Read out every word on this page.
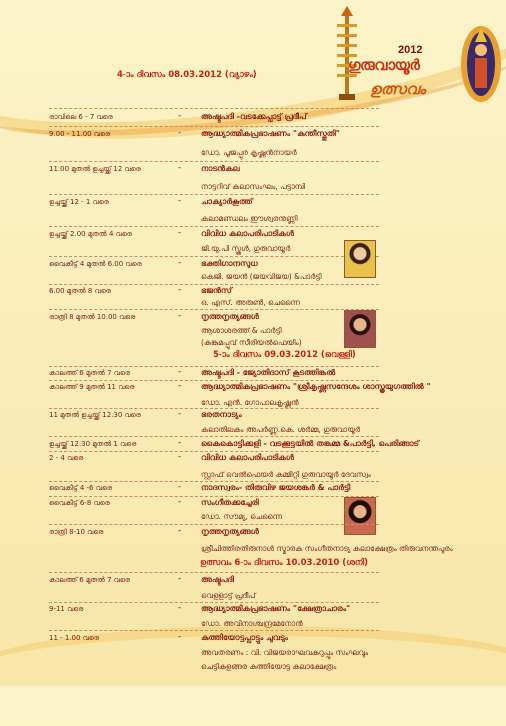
2012
ഗുരുവായൂർ
ഉത്സവം
4-ാം ദിവസം 08.03.2012 (വ്യാഴം)
രാവിലെ 6 - 7 വരെ	- അഷ്ടപദി -വടക്കേപ്പാട്ട് പ്രദീപ്
9.00 - 11.00 വരെ	- ആദ്ധ്യാത്മികപ്രഭാഷണം "കുന്തീസ്തുതി"
ഡോ. പൂജപ്പുര കൃഷ്ണൻനായർ
11.00 മുതൽ ഉച്ചയ്ക്ക് 12 വരെ	- നാടൻകല
നാട്ടറിവ് കലാസംഘം, പട്ടാമ്പി
ഉച്ചയ്ക്ക് 12 - 1 വരെ	- ചാക്യാർകൂത്ത്
കലാമണ്ഡലം ഈശ്വരനുണ്ണി
ഉച്ചയ്ക്ക് 2.00 മുതൽ 4 വരെ	- വിവിധ കലാപരിപാടികൾ
ജി.യു.പി സ്കൂൾ, ഗുരുവായൂർ
വൈകീട്ട് 4 മുതൽ 6.00 വരെ	- ഭക്തിഗാനസുധ
കെജി. ജയൻ (ജയവിജയ) &പാർട്ടി
6.00 മുതൽ 8 വരെ	- ഭജൻസ്
ഒ. എസ്. അരുൺ, ചെന്നൈ
രാത്രി 8 മുതൽ 10.00 വരെ	- നൃത്തനൃത്യങ്ങൾ
ആശാശരത്ത് & പാർട്ടി
(കുങ്കുമപ്പൂവ് സീരിയൽഫെയിം)
5-ാം ദിവസം 09.03.2012 (വെള്ളി)
കാലത്ത് 6 മുതൽ 7 വരെ	- അഷ്ടപദി - ജ്യോതിദാസ് കൂടത്തിങ്കൽ
കാലത്ത് 9 മുതൽ 11 വരെ	- ആദ്ധ്യാത്മികപ്രഭാഷണം "ശ്രീകൃഷ്ണസന്ദേശം ശാസ്ത്രയുഗത്തിൽ "
ഡോ. എൻ. ഗോപാലകൃഷ്ണൻ
11 മുതൽ ഉച്ചയ്ക്ക് 12.30 വരെ	- ഭരതനാട്യം
കലാതിലകം അപർണ്ണ.കെ. ശർമ്മ, ഗുരുവായൂർ
ഉച്ചയ്ക്ക് 12.30 മുതൽ 1 വരെ	- കൈകൊട്ടിക്കളി - വടക്കൂട്ടയിൽ തങ്കമ്മ &പാർട്ടി, പെരിങ്ങാട്
2 - 4 വരെ	- വിവിധ കലാപരിപാടികൾ
സ്റ്റാഫ് വെൽഫെയർ കമ്മിറ്റി ഗുരുവായൂർ ദേവസ്വം
വൈകീട്ട് 4 -6 വരെ	- നാദസ്വരം- തിരുവിഴ ജയശങ്കർ & പാർട്ടി
വൈകീട്ട് 6-8 വരെ	- സംഗീതക്കച്ചേരി
ഡോ. സൗമ്യ, ചെന്നൈ
രാത്രി 8-10 വരെ	- നൃത്തനൃത്യങ്ങൾ
ശ്രീചിത്തിരതിരുനാൾ സ്മാരക സംഗീതനാട്യ കലാക്ഷേത്രം തിരുവനന്തപുരം
ഉത്സവം 6-ാം ദിവസം 10.03.2010 (ശനി)
കാലത്ത് 6 മുതൽ 7 വരെ	- അഷ്ടപദി
വെളളാട്ട് പ്രദീപ്
9-11 വരെ	- ആദ്ധ്യാത്മികപ്രഭാഷണം "ക്ഷേത്രാചാരം"
ഡോ. അവിനാശ്ചന്ദ്രമേനോൻ
11 - 1.00 വരെ	- കുത്തിയോട്ടപ്പാട്ടും ചുവടും
അവതരണം : വി. വിജയരാഘവകുറുപ്പും സംഘവും
ചെട്ടികുളങ്ങര കുത്തിയോട്ട കലാക്ഷേത്രം
